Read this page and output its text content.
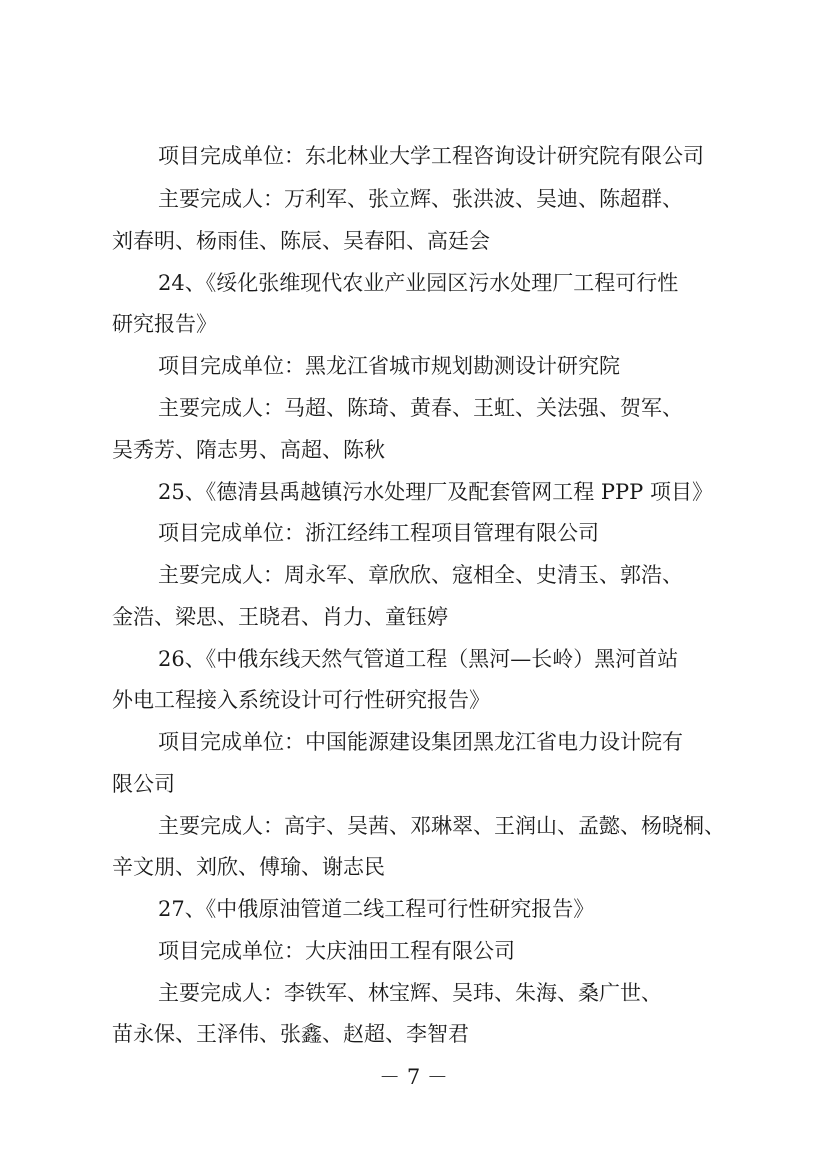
项目完成单位：东北林业大学工程咨询设计研究院有限公司
主要完成人：万利军、张立辉、张洪波、吴迪、陈超群、
刘春明、杨雨佳、陈辰、吴春阳、高廷会
24、《绥化张维现代农业产业园区污水处理厂工程可行性
研究报告》
项目完成单位：黑龙江省城市规划勘测设计研究院
主要完成人：马超、陈琦、黄春、王虹、关法强、贺军、
吴秀芳、隋志男、高超、陈秋
25、《德清县禹越镇污水处理厂及配套管网工程 PPP 项目》
项目完成单位：浙江经纬工程项目管理有限公司
主要完成人：周永军、章欣欣、寇相全、史清玉、郭浩、
金浩、梁思、王晓君、肖力、童钰婷
26、《中俄东线天然气管道工程（黑河—长岭）黑河首站
外电工程接入系统设计可行性研究报告》
项目完成单位：中国能源建设集团黑龙江省电力设计院有
限公司
主要完成人：高宇、吴茜、邓琳翠、王润山、孟懿、杨晓桐、
辛文朋、刘欣、傅瑜、谢志民
27、《中俄原油管道二线工程可行性研究报告》
项目完成单位：大庆油田工程有限公司
主要完成人：李铁军、林宝辉、吴玮、朱海、桑广世、
苗永保、王泽伟、张鑫、赵超、李智君
－ 7 －
